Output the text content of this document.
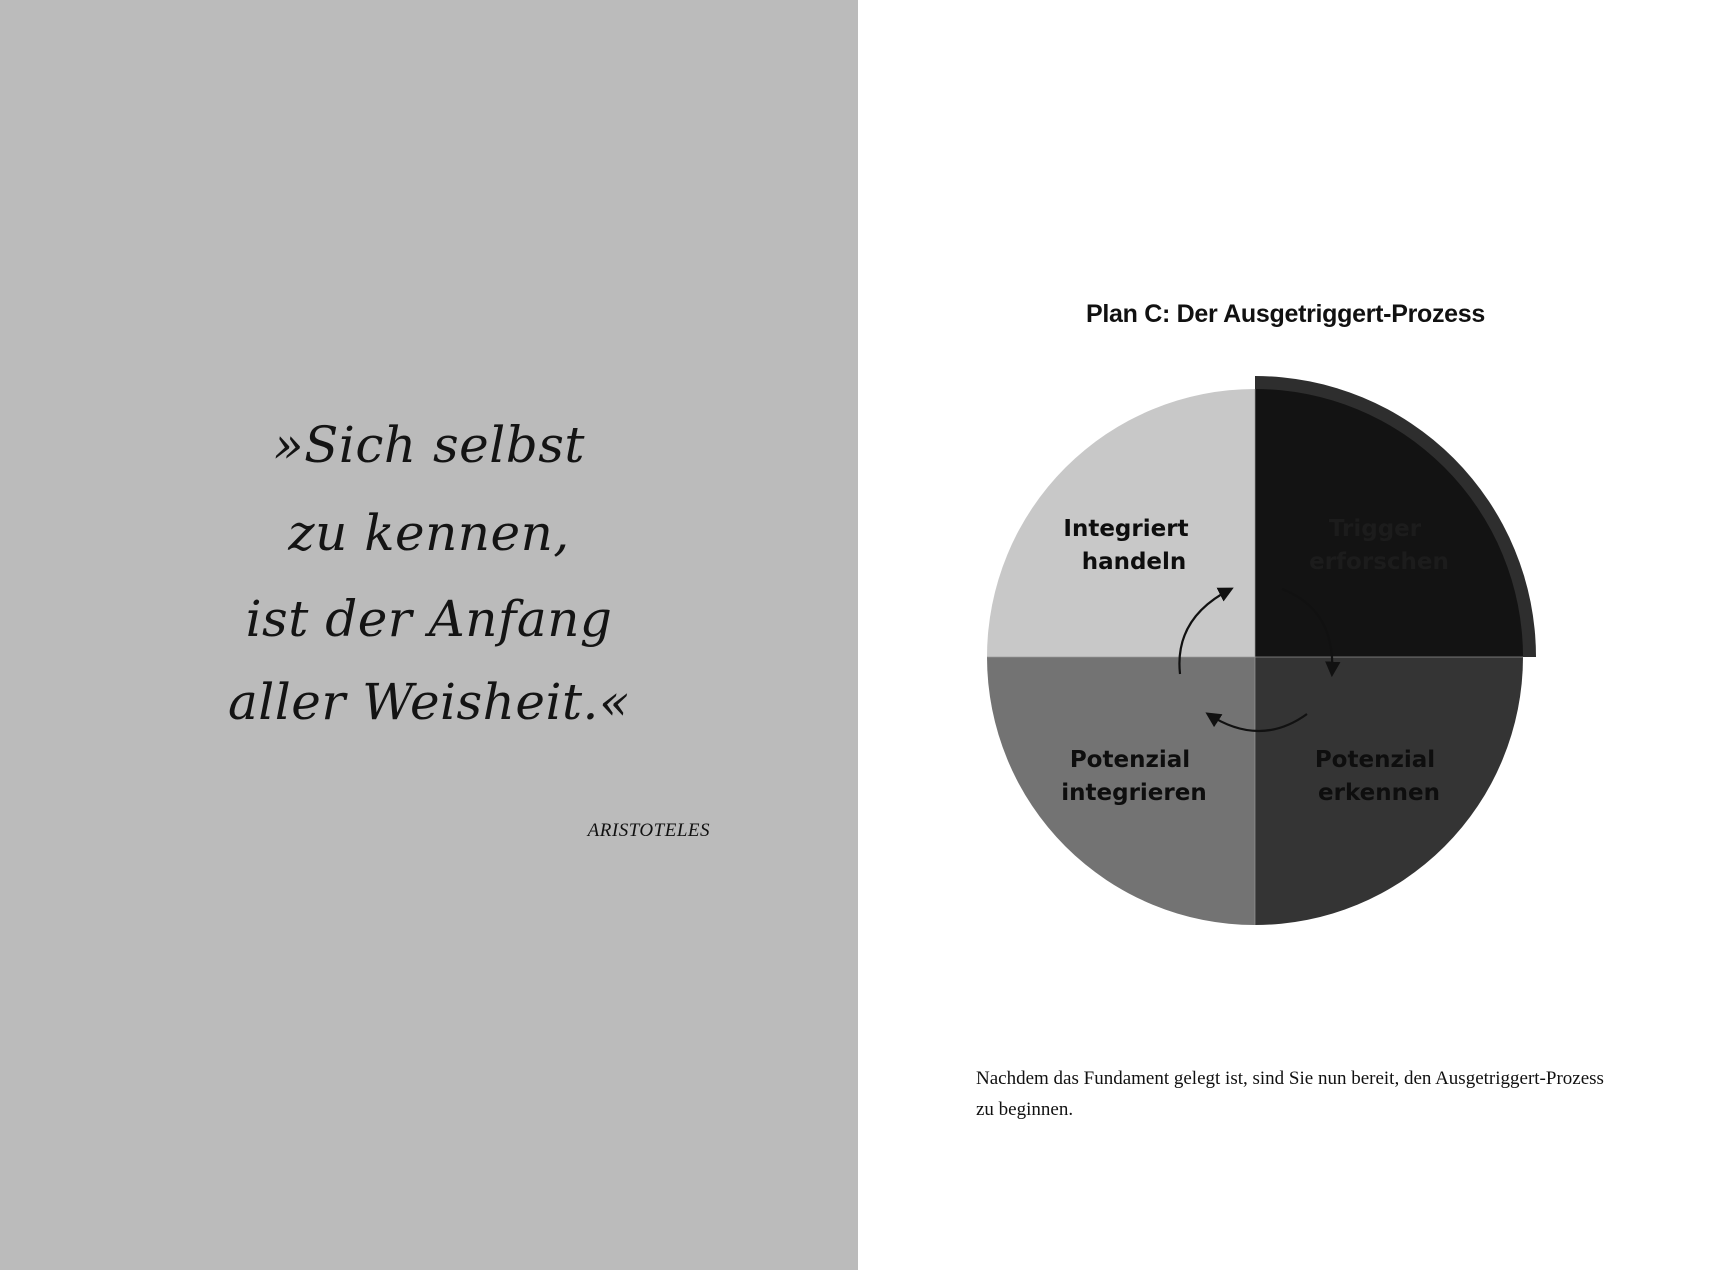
»Sich selbst
zu kennen,
ist der Anfang
aller Weisheit.«
ARISTOTELES
Plan C: Der Ausgetriggert-Prozess
Trigger erforschen
Potenzial erkennen
Potenzial integrieren
Integriert handeln

Nachdem das Fundament gelegt ist, sind Sie nun bereit, den Ausgetriggert-Prozess zu beginnen.
